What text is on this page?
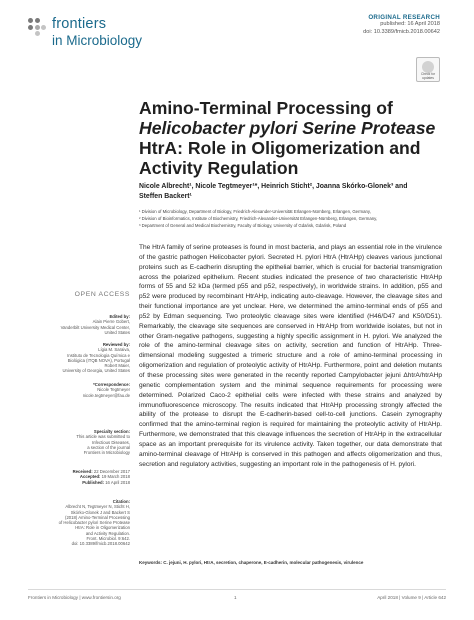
frontiers
in Microbiology
ORIGINAL RESEARCH
published: 16 April 2018
doi: 10.3389/fmicb.2018.00642
Check for
updates
Amino-Terminal Processing of
Helicobacter pylori Serine Protease
HtrA: Role in Oligomerization and
Activity Regulation
Nicole Albrecht¹, Nicole Tegtmeyer¹*, Heinrich Sticht², Joanna Skórko-Glonek³ and
Steffen Backert¹
¹ Division of Microbiology, Department of Biology, Friedrich-Alexander-Universität Erlangen-Nürnberg, Erlangen, Germany,
² Division of Bioinformatics, Institute of Biochemistry, Friedrich-Alexander-Universität Erlangen-Nürnberg, Erlangen, Germany,
³ Department of General and Medical Biochemistry, Faculty of Biology, University of Gdańsk, Gdańsk, Poland
OPEN ACCESS
Edited by:
Alain Pierre Gobert,
Vanderbilt University Medical Center,
United States
Reviewed by:
Lígia M. Saraiva,
Instituto de Tecnologia Química e
Biológica (ITQB NOVA), Portugal
Robert Maier,
University of Georgia, United States
*Correspondence:
Nicole Tegtmeyer
nicole.tegtmeyer@fau.de
Specialty section:
This article was submitted to
Infectious Diseases,
a section of the journal
Frontiers in Microbiology
Received: 22 December 2017
Accepted: 19 March 2018
Published: 16 April 2018
Citation:
Albrecht N, Tegtmeyer N, Sticht H,
Skórko-Glonek J and Backert S
(2018) Amino-Terminal Processing
of Helicobacter pylori Serine Protease
HtrA: Role in Oligomerization
and Activity Regulation.
Front. Microbiol. 9:642.
doi: 10.3389/fmicb.2018.00642

The HtrA family of serine proteases is found in most bacteria, and plays an essential role in the virulence of the gastric pathogen Helicobacter pylori. Secreted H. pylori HtrA (HtrAHp) cleaves various junctional proteins such as E-cadherin disrupting the epithelial barrier, which is crucial for bacterial transmigration across the polarized epithelium. Recent studies indicated the presence of two characteristic HtrAHp forms of 55 and 52 kDa (termed p55 and p52, respectively), in worldwide strains. In addition, p55 and p52 were produced by recombinant HtrAHp, indicating auto-cleavage. However, the cleavage sites and their functional importance are yet unclear. Here, we determined the amino-terminal ends of p55 and p52 by Edman sequencing. Two proteolytic cleavage sites were identified (H46/D47 and K50/D51). Remarkably, the cleavage site sequences are conserved in HtrAHp from worldwide isolates, but not in other Gram-negative pathogens, suggesting a highly specific assignment in H. pylori. We analyzed the role of the amino-terminal cleavage sites on activity, secretion and function of HtrAHp. Three-dimensional modeling suggested a trimeric structure and a role of amino-terminal processing in oligomerization and regulation of proteolytic activity of HtrAHp. Furthermore, point and deletion mutants of these processing sites were generated in the recently reported Campylobacter jejuni ΔhtrA/htrAHp genetic complementation system and the minimal sequence requirements for processing were determined. Polarized Caco-2 epithelial cells were infected with these strains and analyzed by immunofluorescence microscopy. The results indicated that HtrAHp processing strongly affected the ability of the protease to disrupt the E-cadherin-based cell-to-cell junctions. Casein zymography confirmed that the amino-terminal region is required for maintaining the proteolytic activity of HtrAHp. Furthermore, we demonstrated that this cleavage influences the secretion of HtrAHp in the extracellular space as an important prerequisite for its virulence activity. Taken together, our data demonstrate that amino-terminal cleavage of HtrAHp is conserved in this pathogen and affects oligomerization and thus, secretion and regulatory activities, suggesting an important role in the pathogenesis of H. pylori.

Keywords: C. jejuni, H. pylori, HtrA, secretion, chaperone, E-cadherin, molecular pathogenesis, virulence
Frontiers in Microbiology | www.frontiersin.org	1	April 2018 | Volume 9 | Article 642
